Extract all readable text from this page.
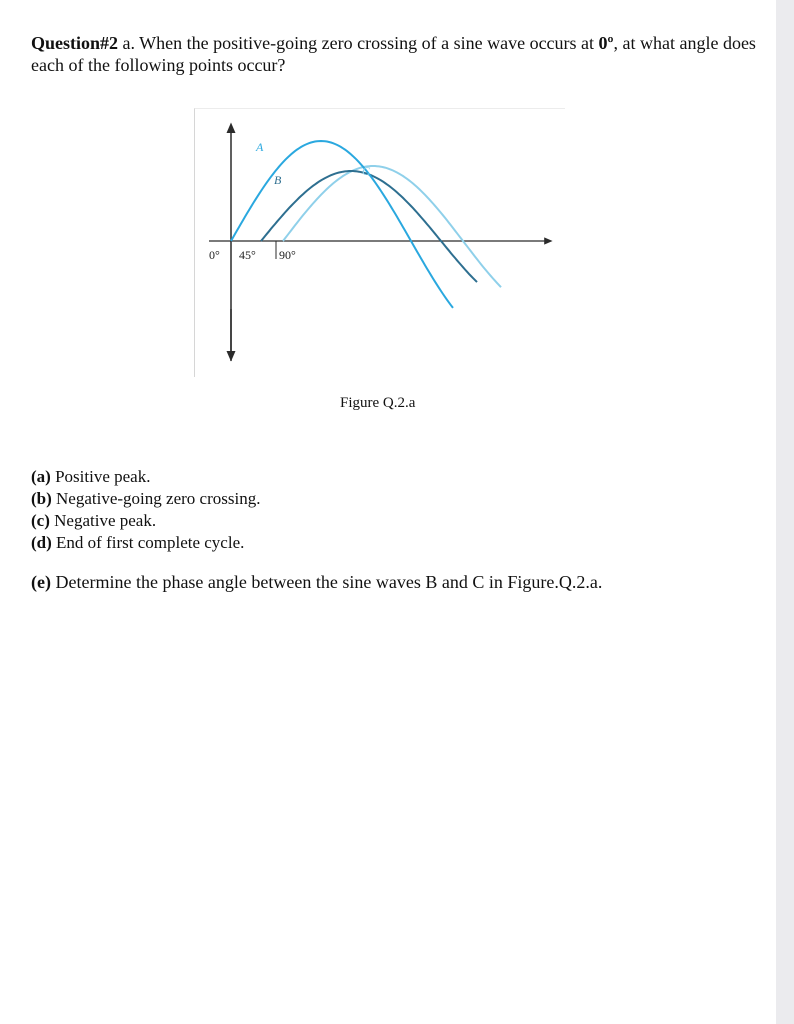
Question#2 a. When the positive-going zero crossing of a sine wave occurs at 0º, at what angle does each of the following points occur?
A
B
C
0° 45° 90°
Figure Q.2.a
(a) Positive peak.
(b) Negative-going zero crossing.
(c) Negative peak.
(d) End of first complete cycle.
(e) Determine the phase angle between the sine waves B and C in Figure.Q.2.a.
